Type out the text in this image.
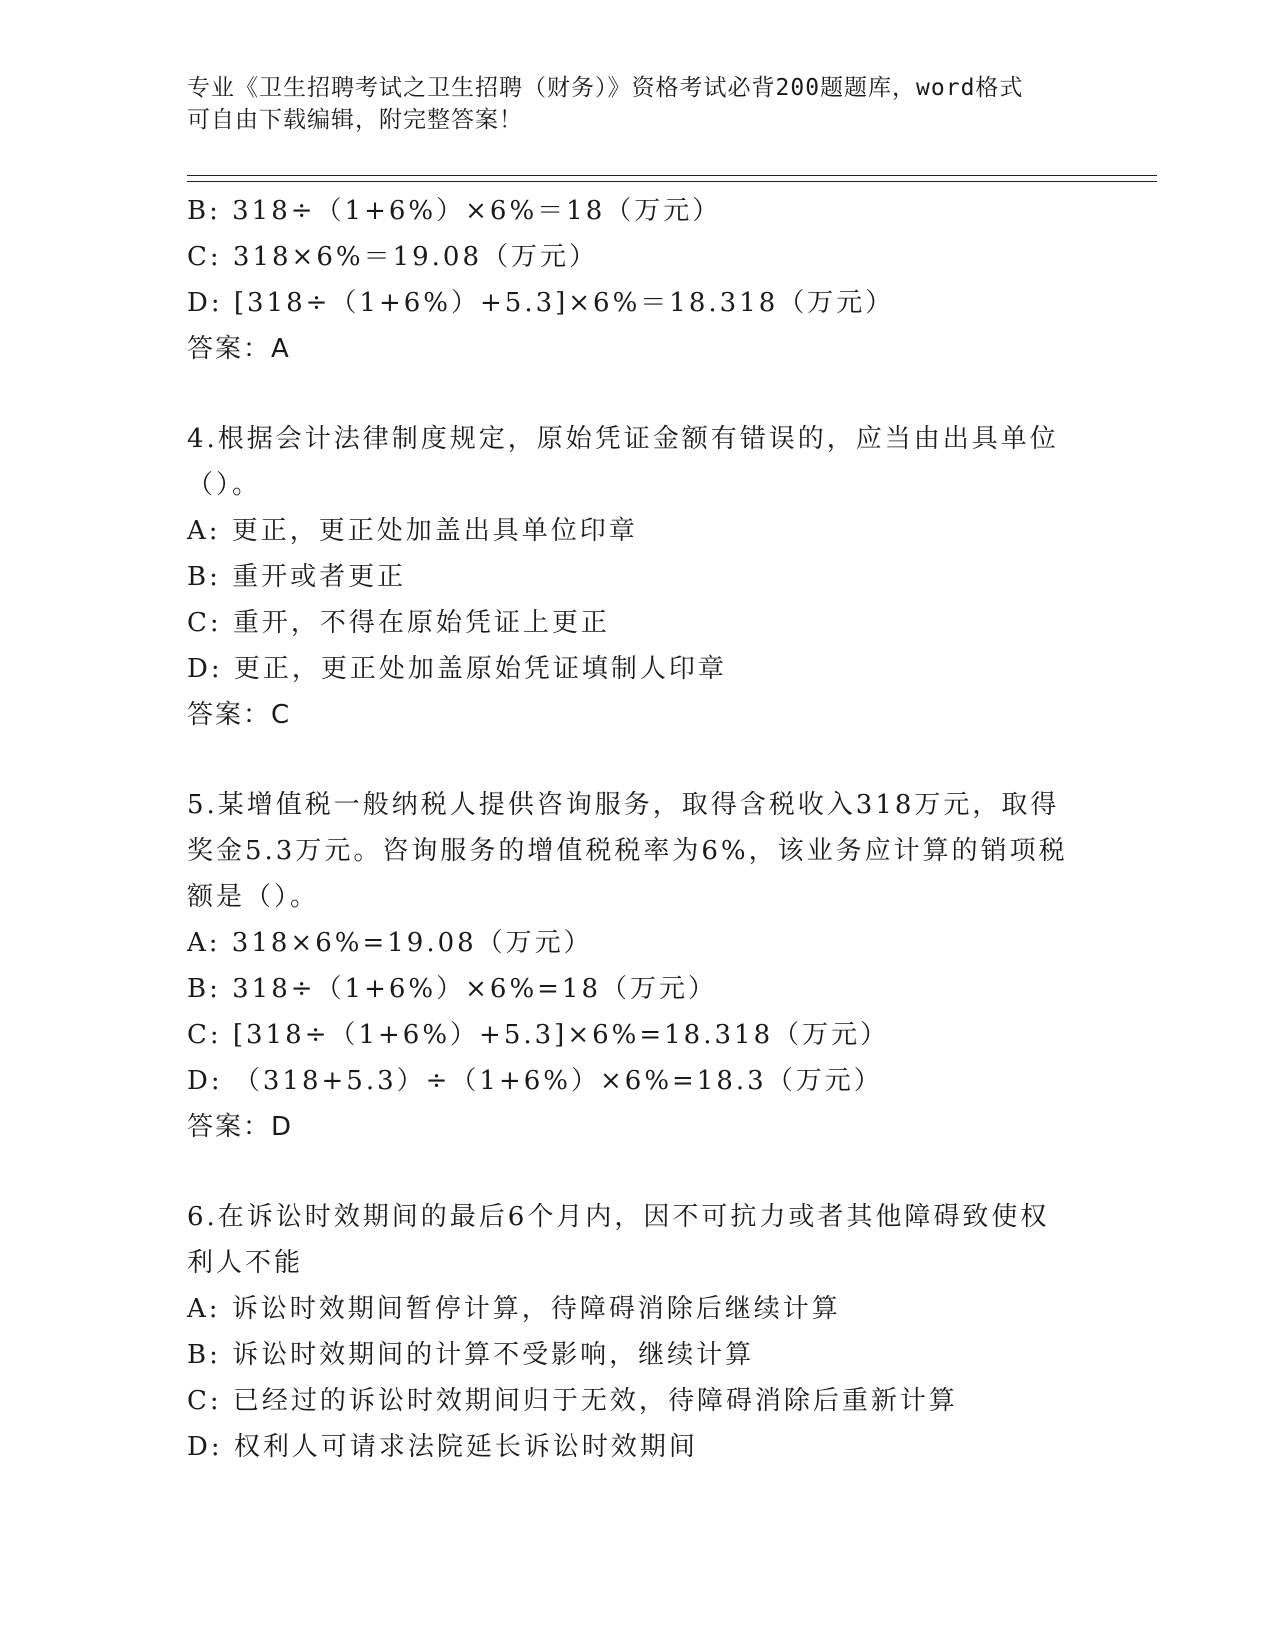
专业《卫生招聘考试之卫生招聘（财务）》资格考试必背200题题库，word格式
可自由下载编辑，附完整答案！
B: 318÷（1+6%）×6%＝18（万元）
C: 318×6%＝19.08（万元）
D: [318÷（1+6%）+5.3]×6%＝18.318（万元）
答案：A
4.根据会计法律制度规定，原始凭证金额有错误的，应当由出具单位
（）。
A: 更正，更正处加盖出具单位印章
B: 重开或者更正
C: 重开，不得在原始凭证上更正
D: 更正，更正处加盖原始凭证填制人印章
答案：C
5.某增值税一般纳税人提供咨询服务，取得含税收入318万元，取得
奖金5.3万元。咨询服务的增值税税率为6%，该业务应计算的销项税
额是（）。
A: 318×6%=19.08（万元）
B: 318÷（1+6%）×6%=18（万元）
C: [318÷（1+6%）+5.3]×6%=18.318（万元）
D: （318+5.3）÷（1+6%）×6%=18.3（万元）
答案：D
6.在诉讼时效期间的最后6个月内，因不可抗力或者其他障碍致使权
利人不能
A: 诉讼时效期间暂停计算，待障碍消除后继续计算
B: 诉讼时效期间的计算不受影响，继续计算
C: 已经过的诉讼时效期间归于无效，待障碍消除后重新计算
D: 权利人可请求法院延长诉讼时效期间
